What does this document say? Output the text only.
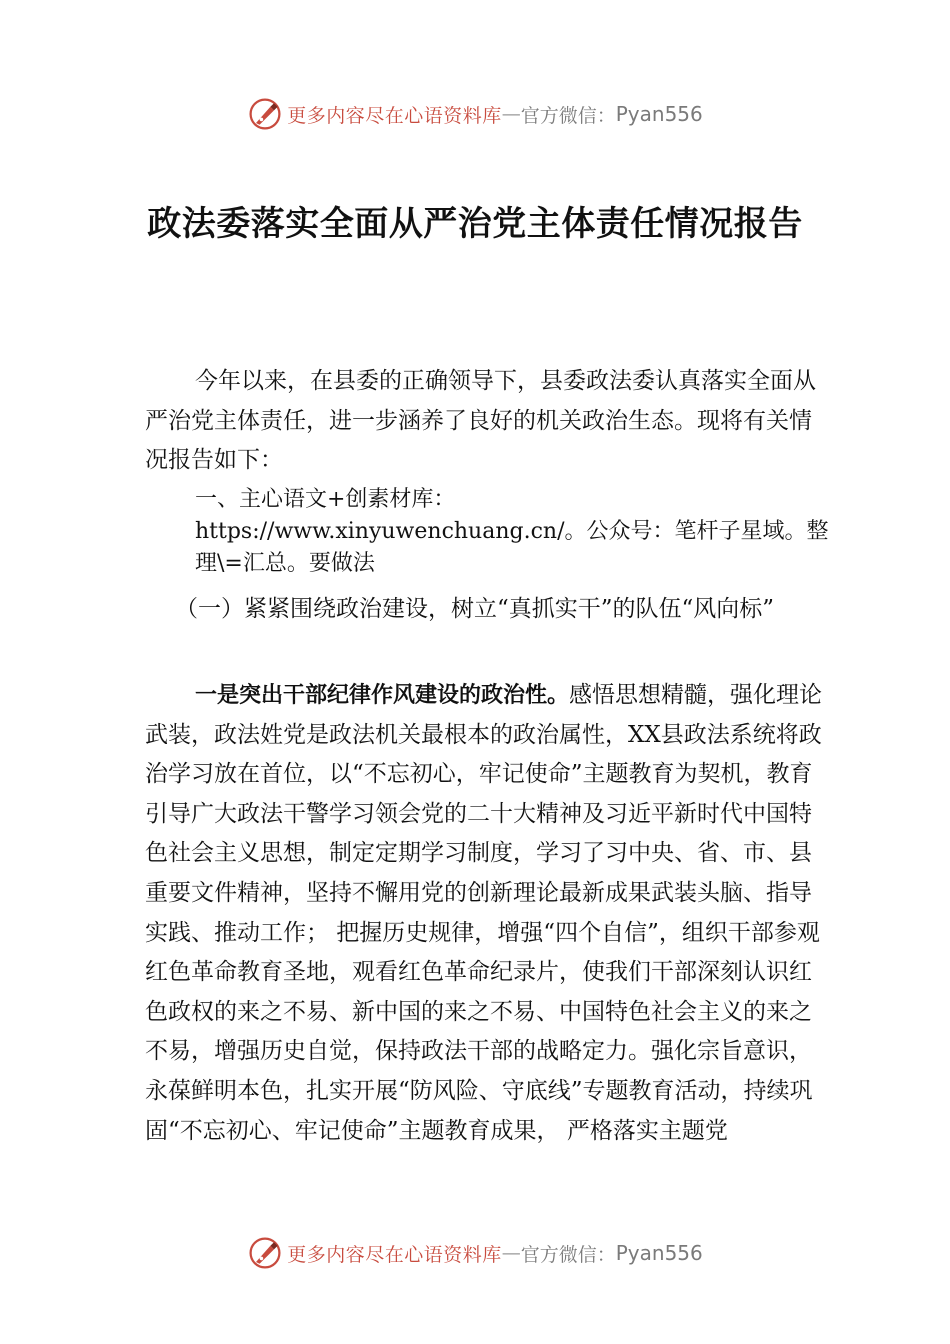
更多内容尽在心语资料库 — 官方微信： Pyan556
政法委落实全面从严治党主体责任情况报告

今年以来，在县委的正确领导下，县委政法委认真落实全面从严治党主体责任，进一步涵养了良好的机关政治生态。现将有关情况报告如下：

一、主心语文+创素材库：https://www.xinyuwenchuang.cn/。公众号：笔杆子星域。整理\=汇总。要做法

（一）紧紧围绕政治建设，树立“真抓实干”的队伍“风向标”

一是突出干部纪律作风建设的政治性。感悟思想精髓，强化理论武装，政法姓党是政法机关最根本的政治属性，XX县政法系统将政治学习放在首位，以“不忘初心，牢记使命”主题教育为契机，教育引导广大政法干警学习领会党的二十大精神及习近平新时代中国特色社会主义思想，制定定期学习制度，学习了习中央、省、市、县重要文件精神，坚持不懈用党的创新理论最新成果武装头脑、指导实践、推动工作； 把握历史规律，增强“四个自信”，组织干部参观红色革命教育圣地，观看红色革命纪录片，使我们干部深刻认识红色政权的来之不易、新中国的来之不易、中国特色社会主义的来之不易，增强历史自觉，保持政法干部的战略定力。强化宗旨意识，永葆鲜明本色，扎实开展“防风险、守底线”专题教育活动，持续巩固“不忘初心、牢记使命”主题教育成果， 严格落实主题党

更多内容尽在心语资料库 — 官方微信： Pyan556
